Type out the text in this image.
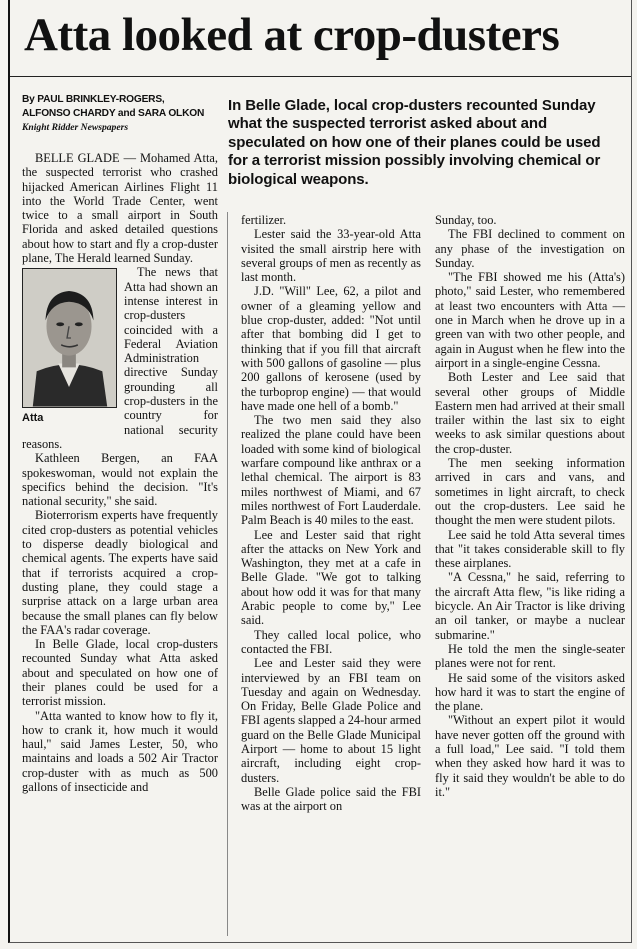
Atta looked at crop-dusters
By PAUL BRINKLEY-ROGERS,
ALFONSO CHARDY and SARA OLKON
Knight Ridder Newspapers
In Belle Glade, local crop-dusters recounted Sunday what the suspected terrorist asked about and speculated on how one of their planes could be used for a terrorist mission possibly involving chemical or biological weapons.

BELLE GLADE — Mohamed Atta, the suspected terrorist who crashed hijacked American Airlines Flight 11 into the World Trade Center, went twice to a small airport in South Florida and asked detailed questions about how to start and fly a crop-duster plane, The Herald learned Sunday.

Atta

The news that Atta had shown an intense interest in crop-dusters coincided with a Federal Aviation Administration directive Sunday grounding all crop-dusters in the country for national security reasons.

Kathleen Bergen, an FAA spokeswoman, would not explain the specifics behind the decision. "It's national security," she said.

Bioterrorism experts have frequently cited crop-dusters as potential vehicles to disperse deadly biological and chemical agents. The experts have said that if terrorists acquired a crop-dusting plane, they could stage a surprise attack on a large urban area because the small planes can fly below the FAA's radar coverage.

In Belle Glade, local crop-dusters recounted Sunday what Atta asked about and speculated on how one of their planes could be used for a terrorist mission.

"Atta wanted to know how to fly it, how to crank it, how much it would haul," said James Lester, 50, who maintains and loads a 502 Air Tractor crop-duster with as much as 500 gallons of insecticide and

fertilizer.

Lester said the 33-year-old Atta visited the small airstrip here with several groups of men as recently as last month.

J.D. "Will" Lee, 62, a pilot and owner of a gleaming yellow and blue crop-duster, added: "Not until after that bombing did I get to thinking that if you fill that aircraft with 500 gallons of gasoline — plus 200 gallons of kerosene (used by the turboprop engine) — that would have made one hell of a bomb."

The two men said they also realized the plane could have been loaded with some kind of biological warfare compound like anthrax or a lethal chemical. The airport is 83 miles northwest of Miami, and 67 miles northwest of Fort Lauderdale. Palm Beach is 40 miles to the east.

Lee and Lester said that right after the attacks on New York and Washington, they met at a cafe in Belle Glade. "We got to talking about how odd it was for that many Arabic people to come by," Lee said.

They called local police, who contacted the FBI.

Lee and Lester said they were interviewed by an FBI team on Tuesday and again on Wednesday. On Friday, Belle Glade Police and FBI agents slapped a 24-hour armed guard on the Belle Glade Municipal Airport — home to about 15 light aircraft, including eight crop-dusters.

Belle Glade police said the FBI was at the airport on

Sunday, too.

The FBI declined to comment on any phase of the investigation on Sunday.

"The FBI showed me his (Atta's) photo," said Lester, who remembered at least two encounters with Atta — one in March when he drove up in a green van with two other people, and again in August when he flew into the airport in a single-engine Cessna.

Both Lester and Lee said that several other groups of Middle Eastern men had arrived at their small trailer within the last six to eight weeks to ask similar questions about the crop-duster.

The men seeking information arrived in cars and vans, and sometimes in light aircraft, to check out the crop-dusters. Lee said he thought the men were student pilots.

Lee said he told Atta several times that "it takes considerable skill to fly these airplanes.

"A Cessna," he said, referring to the aircraft Atta flew, "is like riding a bicycle. An Air Tractor is like driving an oil tanker, or maybe a nuclear submarine."

He told the men the single-seater planes were not for rent.

He said some of the visitors asked how hard it was to start the engine of the plane.

"Without an expert pilot it would have never gotten off the ground with a full load," Lee said. "I told them when they asked how hard it was to fly it said they wouldn't be able to do it."
